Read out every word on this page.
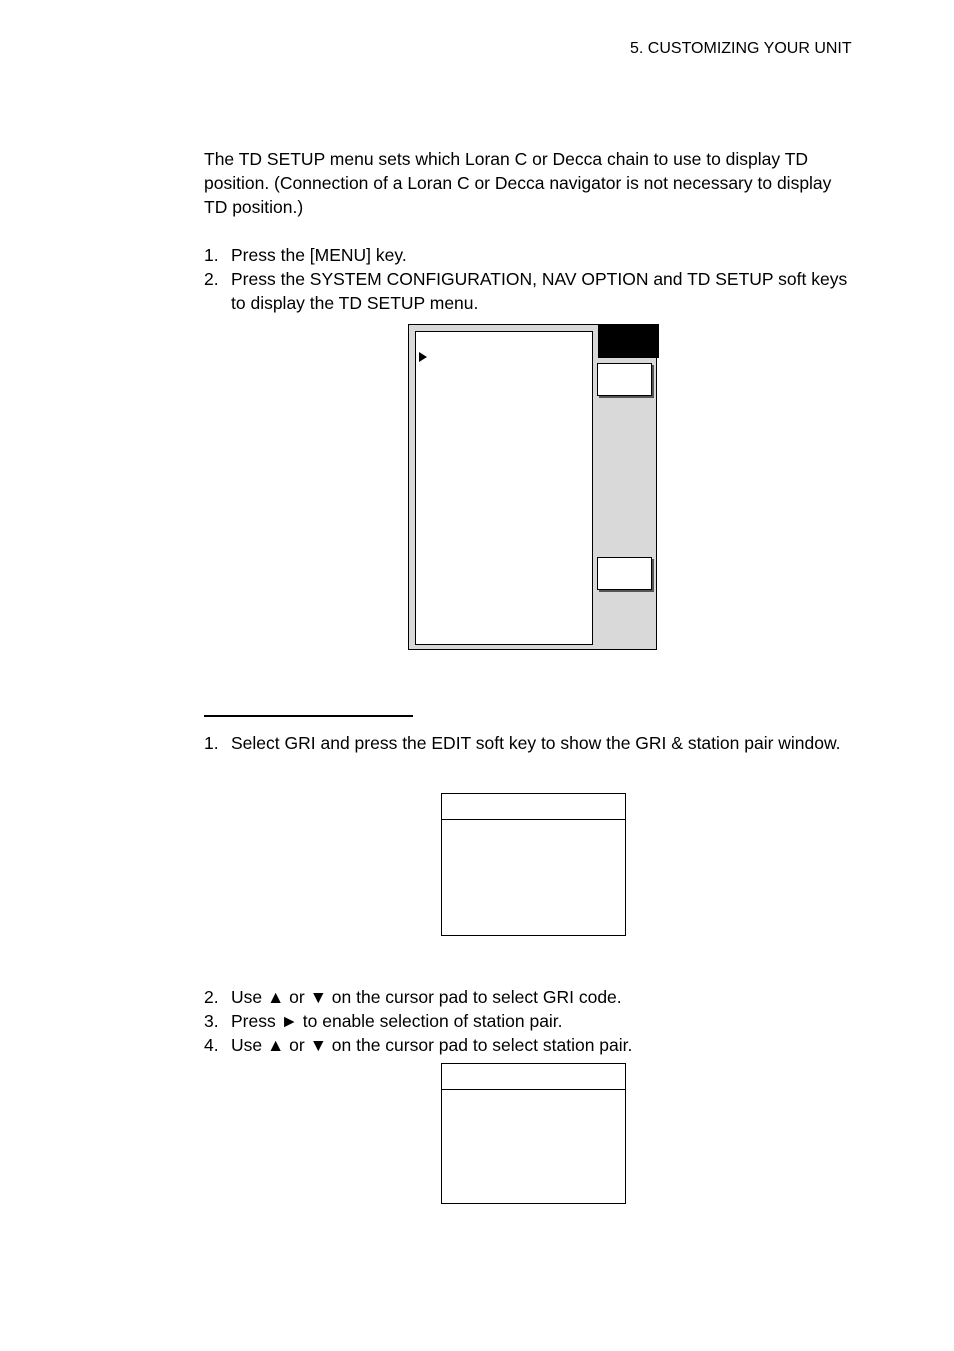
5. CUSTOMIZING YOUR UNIT

The TD SETUP menu sets which Loran C or Decca chain to use to display TD position. (Connection of a Loran C or Decca navigator is not necessary to display TD position.)

1. Press the [MENU] key.
2. Press the SYSTEM CONFIGURATION, NAV OPTION and TD SETUP soft keys to display the TD SETUP menu.
1. Select GRI and press the EDIT soft key to show the GRI & station pair window.
2. Use ▲ or ▼ on the cursor pad to select GRI code.
3. Press ► to enable selection of station pair.
4. Use ▲ or ▼ on the cursor pad to select station pair.
